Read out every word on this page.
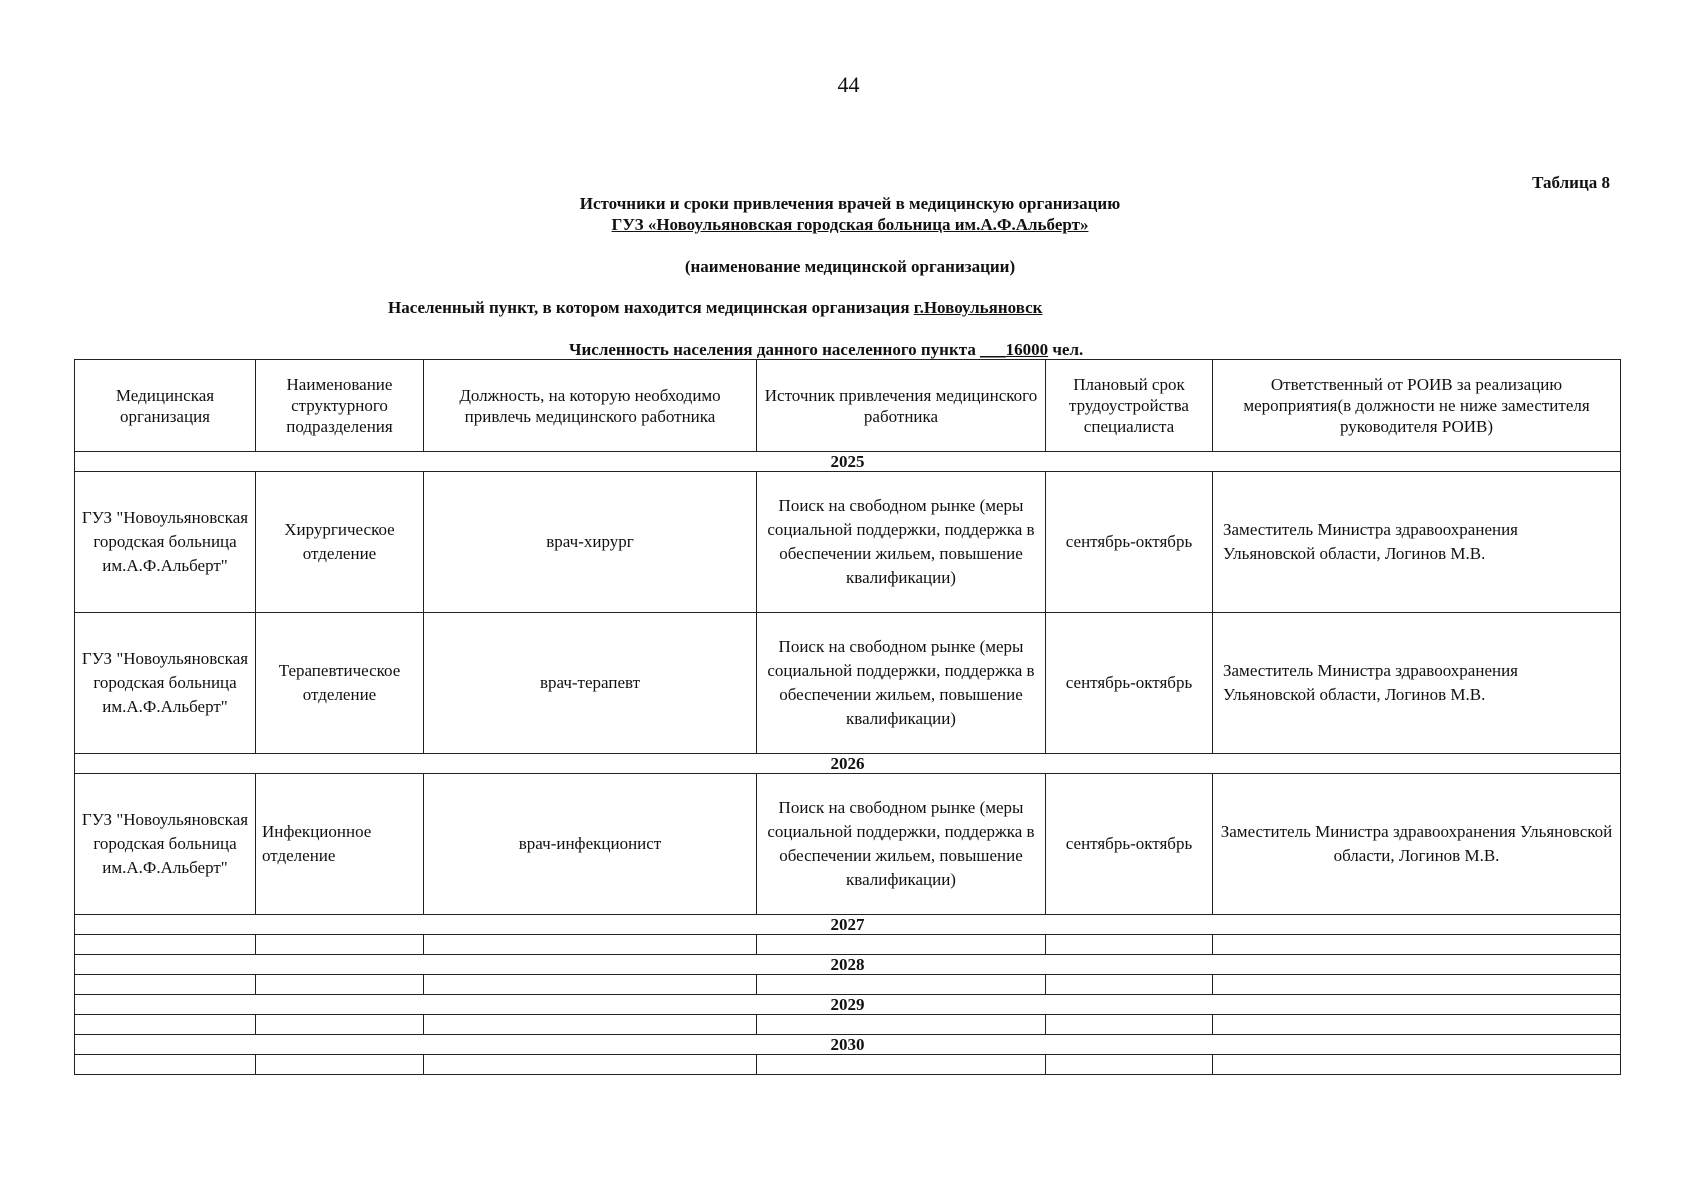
44
Таблица 8
Источники и сроки привлечения врачей в медицинскую организацию
ГУЗ «Новоульяновская городская больница им.А.Ф.Альберт»
(наименование медицинской организации)
Населенный пункт, в котором находится медицинская организация г.Новоульяновск
Численность населения данного населенного пункта ___16000 чел.
Медицинская организация	Наименование структурного подразделения	Должность, на которую необходимо привлечь медицинского работника	Источник привлечения медицинского работника	Плановый срок трудоустройства специалиста	Ответственный от РОИВ за реализацию мероприятия(в должности не ниже заместителя руководителя РОИВ)
2025					
ГУЗ "Новоульяновская городская больница им.А.Ф.Альберт"	Хирургическое отделение	врач-хирург	Поиск на свободном рынке (меры социальной поддержки, поддержка в обеспечении жильем, повышение квалификации)	сентябрь-октябрь	Заместитель Министра здравоохранения Ульяновской области, Логинов М.В.
ГУЗ "Новоульяновская городская больница им.А.Ф.Альберт"	Терапевтическое отделение	врач-терапевт	Поиск на свободном рынке (меры социальной поддержки, поддержка в обеспечении жильем, повышение квалификации)	сентябрь-октябрь	Заместитель Министра здравоохранения Ульяновской области, Логинов М.В.
2026					
ГУЗ "Новоульяновская городская больница им.А.Ф.Альберт"	Инфекционное отделение	врач-инфекционист	Поиск на свободном рынке (меры социальной поддержки, поддержка в обеспечении жильем, повышение квалификации)	сентябрь-октябрь	Заместитель Министра здравоохранения Ульяновской области, Логинов М.В.
2027					

2028					

2029					

2030					
